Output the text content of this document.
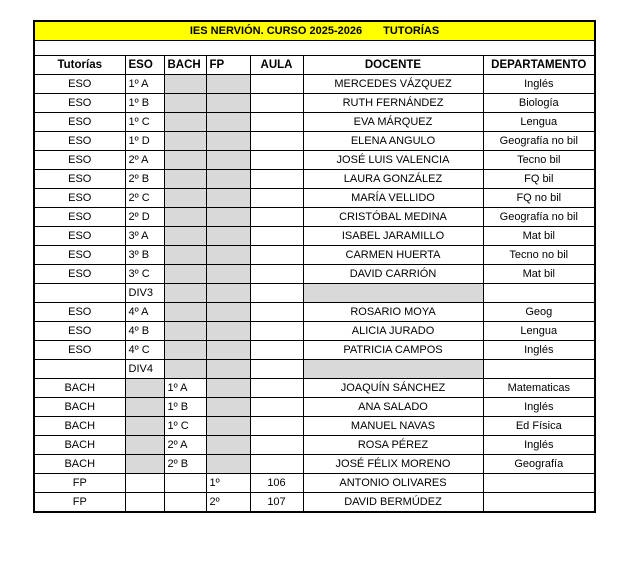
IES NERVIÓN. CURSO 2025-2026 TUTORÍAS						

Tutorías	ESO	BACH	FP	AULA	DOCENTE	DEPARTAMENTO
ESO	1º A				MERCEDES VÁZQUEZ	Inglés
ESO	1º B				RUTH FERNÁNDEZ	Biología
ESO	1º C				EVA MÁRQUEZ	Lengua
ESO	1º D				ELENA ANGULO	Geografía no bil
ESO	2º A				JOSÉ LUIS VALENCIA	Tecno bil
ESO	2º B				LAURA GONZÁLEZ	FQ bil
ESO	2º C				MARÍA VELLIDO	FQ no bil
ESO	2º D				CRISTÓBAL MEDINA	Geografía no bil
ESO	3º A				ISABEL JARAMILLO	Mat bil
ESO	3º B				CARMEN HUERTA	Tecno no bil
ESO	3º C				DAVID CARRIÓN	Mat bil
	DIV3					
ESO	4º A				ROSARIO MOYA	Geog
ESO	4º B				ALICIA JURADO	Lengua
ESO	4º C				PATRICIA CAMPOS	Inglés
	DIV4					
BACH		1º A			JOAQUÍN SÁNCHEZ	Matematicas
BACH		1º B			ANA SALADO	Inglés
BACH		1º C			MANUEL NAVAS	Ed Física
BACH		2º A			ROSA PÉREZ	Inglés
BACH		2º B			JOSÉ FÉLIX MORENO	Geografía
FP			1º	106	ANTONIO OLIVARES	
FP			2º	107	DAVID BERMÚDEZ	
